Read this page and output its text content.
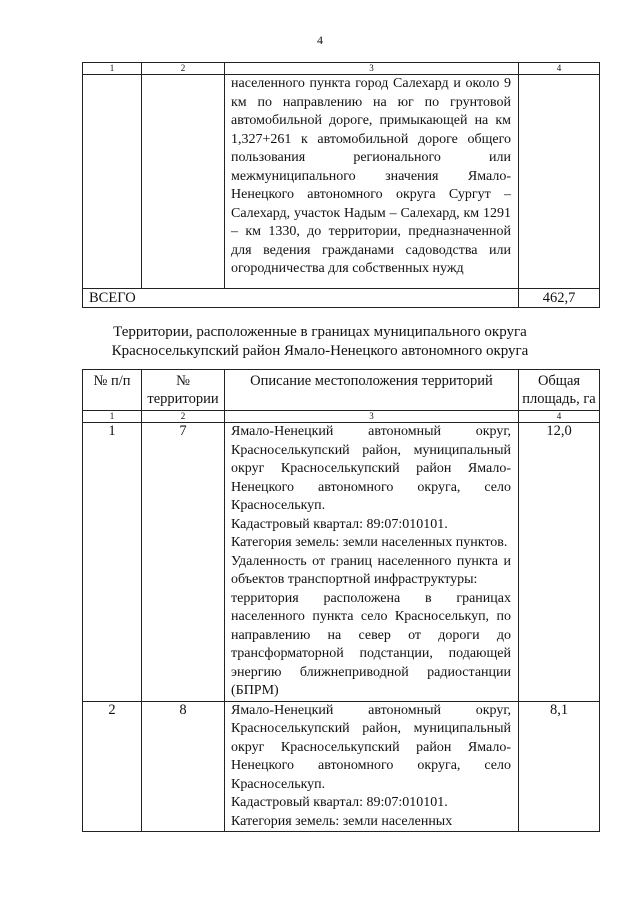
4
1	2	3	4

		населенного пункта город Салехард и около 9 км по направлению на юг по грунтовой автомобильной дороге, примыкающей на км 1,327+261 к автомобильной дороге общего пользования регионального или межмуниципального значения Ямало-Ненецкого автономного округа Сургут – Салехард, участок Надым – Салехард, км 1291 – км 1330, до территории, предназначенной для ведения гражданами садоводства или огородничества для собственных нужд	

ВСЕГО			462,7
Территории, расположенные в границах муниципального округа
Красноселькупский район Ямало-Ненецкого автономного округа
№ п/п	№ территории	Описание местоположения территорий	Общая площадь, га
1	2	3	4
1	7	Ямало-Ненецкий автономный округ, Красноселькупский район, муниципальный округ Красноселькупский район Ямало-Ненецкого автономного округа, село Красноселькуп.

Кадастровый квартал: 89:07:010101.

Категория земель: земли населенных пунктов.

Удаленность от границ населенного пункта и объектов транспортной инфраструктуры:

территория расположена в границах населенного пункта село Красноселькуп, по направлению на север от дороги до трансформаторной подстанции, подающей энергию ближнеприводной радиостанции (БПРМ)	12,0
2	8	Ямало-Ненецкий автономный округ, Красноселькупский район, муниципальный округ Красноселькупский район Ямало-Ненецкого автономного округа, село Красноселькуп.

Кадастровый квартал: 89:07:010101.

Категория земель: земли населенных	8,1
